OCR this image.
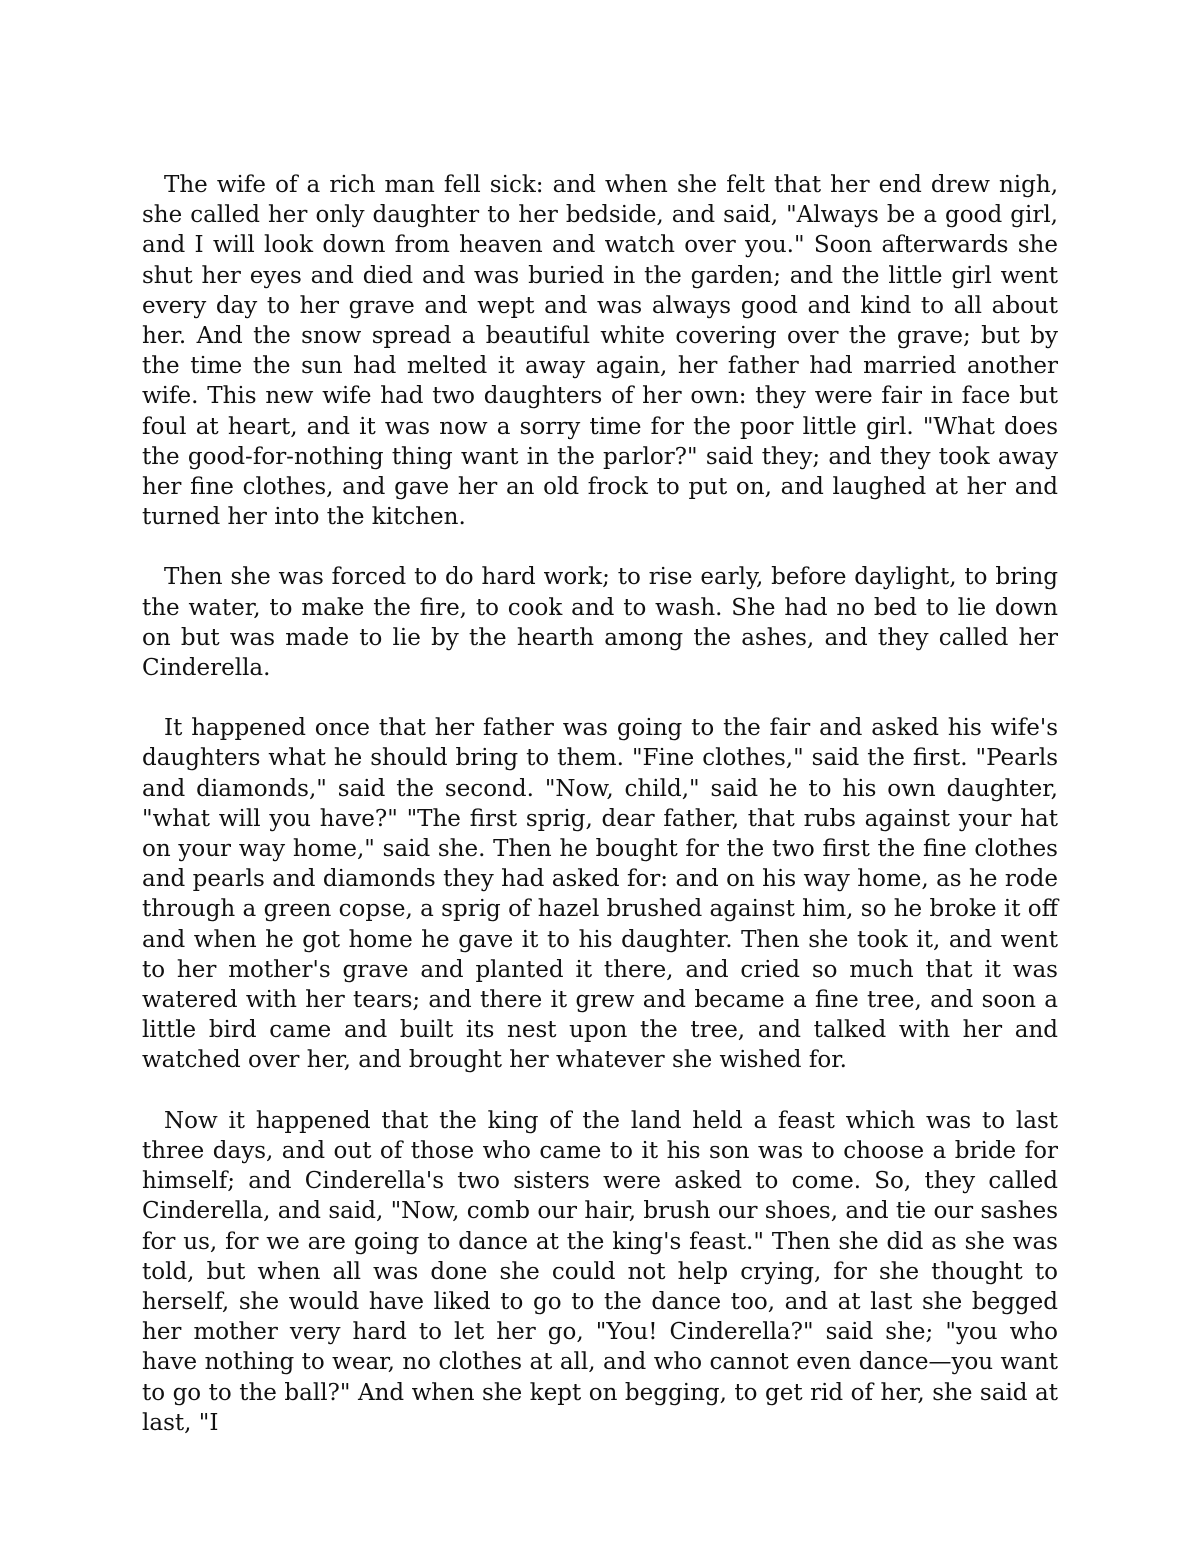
The wife of a rich man fell sick: and when she felt that her end drew nigh, she called her only daughter to her bedside, and said, "Always be a good girl, and I will look down from heaven and watch over you." Soon afterwards she shut her eyes and died and was buried in the garden; and the little girl went every day to her grave and wept and was always good and kind to all about her. And the snow spread a beautiful white covering over the grave; but by the time the sun had melted it away again, her father had married another wife. This new wife had two daughters of her own: they were fair in face but foul at heart, and it was now a sorry time for the poor little girl. "What does the good-for-nothing thing want in the parlor?" said they; and they took away her fine clothes, and gave her an old frock to put on, and laughed at her and turned her into the kitchen.

Then she was forced to do hard work; to rise early, before daylight, to bring the water, to make the fire, to cook and to wash. She had no bed to lie down on but was made to lie by the hearth among the ashes, and they called her Cinderella.

It happened once that her father was going to the fair and asked his wife's daughters what he should bring to them. "Fine clothes," said the first. "Pearls and diamonds," said the second. "Now, child," said he to his own daughter, "what will you have?" "The first sprig, dear father, that rubs against your hat on your way home," said she. Then he bought for the two first the fine clothes and pearls and diamonds they had asked for: and on his way home, as he rode through a green copse, a sprig of hazel brushed against him, so he broke it off and when he got home he gave it to his daughter. Then she took it, and went to her mother's grave and planted it there, and cried so much that it was watered with her tears; and there it grew and became a fine tree, and soon a little bird came and built its nest upon the tree, and talked with her and watched over her, and brought her whatever she wished for.

Now it happened that the king of the land held a feast which was to last three days, and out of those who came to it his son was to choose a bride for himself; and Cinderella's two sisters were asked to come. So, they called Cinderella, and said, "Now, comb our hair, brush our shoes, and tie our sashes for us, for we are going to dance at the king's feast." Then she did as she was told, but when all was done she could not help crying, for she thought to herself, she would have liked to go to the dance too, and at last she begged her mother very hard to let her go, "You! Cinderella?" said she; "you who have nothing to wear, no clothes at all, and who cannot even dance—you want to go to the ball?" And when she kept on begging, to get rid of her, she said at last, "I
